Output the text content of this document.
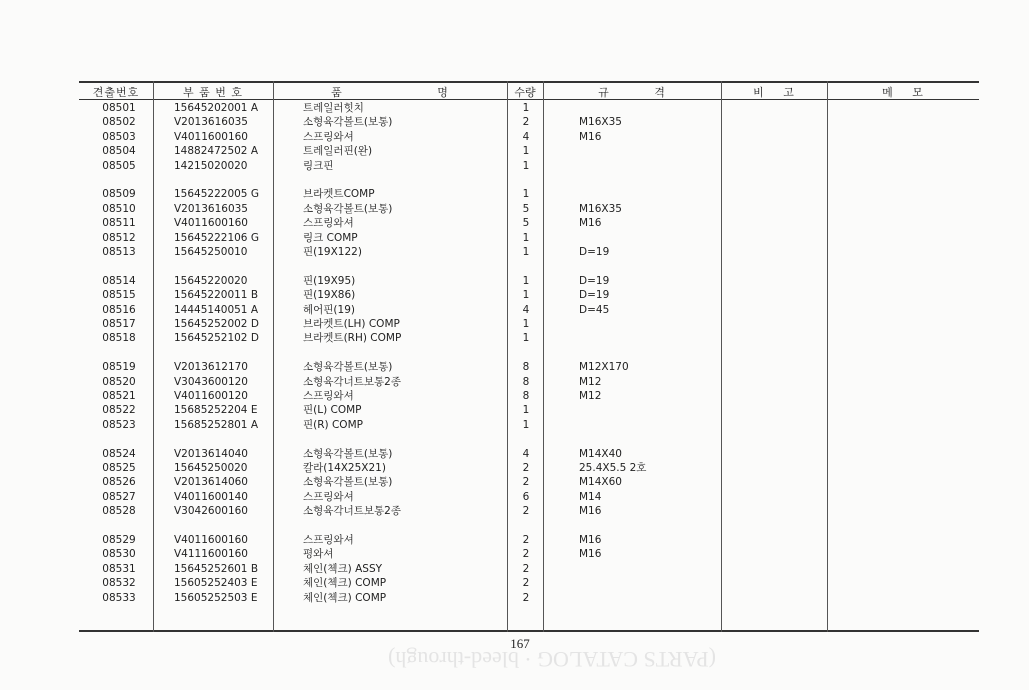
(PARTS CATALOG · bleed-through)
견출번호	부 품 번 호	품 명	수량	규 격	비 고	메 모
08501	15645202001 A	트레일러힛치	1
08502	V2013616035	소형육각볼트(보통)	2	M16X35
08503	V4011600160	스프링와셔	4	M16
08504	14882472502 A	트레일러핀(완)	1
08505	14215020020	링크핀	1
08509	15645222005 G	브라켓트COMP	1
08510	V2013616035	소형육각볼트(보통)	5	M16X35
08511	V4011600160	스프링와셔	5	M16
08512	15645222106 G	링크 COMP	1
08513	15645250010	핀(19X122)	1	D=19
08514	15645220020	핀(19X95)	1	D=19
08515	15645220011 B	핀(19X86)	1	D=19
08516	14445140051 A	헤어핀(19)	4	D=45
08517	15645252002 D	브라켓트(LH) COMP	1
08518	15645252102 D	브라켓트(RH) COMP	1
08519	V2013612170	소형육각볼트(보통)	8	M12X170
08520	V3043600120	소형육각너트보통2종	8	M12
08521	V4011600120	스프링와셔	8	M12
08522	15685252204 E	핀(L) COMP	1
08523	15685252801 A	핀(R) COMP	1
08524	V2013614040	소형육각볼트(보통)	4	M14X40
08525	15645250020	칼라(14X25X21)	2	25.4X5.5 2호
08526	V2013614060	소형육각볼트(보통)	2	M14X60
08527	V4011600140	스프링와셔	6	M14
08528	V3042600160	소형육각너트보통2종	2	M16
08529	V4011600160	스프링와셔	2	M16
08530	V4111600160	평와셔	2	M16
08531	15645252601 B	체인(첵크) ASSY	2
08532	15605252403 E	체인(첵크) COMP	2
08533	15605252503 E	체인(첵크) COMP	2
167
